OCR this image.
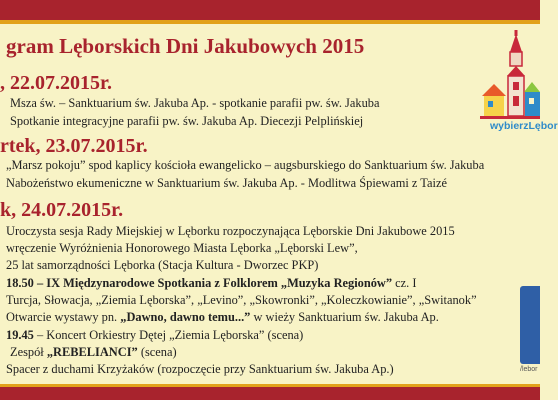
gram Lęborskich Dni Jakubowych 2015
, 22.07.2015r.
Msza św. – Sanktuarium św. Jakuba Ap. - spotkanie parafii pw. św. Jakuba
Spotkanie integracyjne parafii pw. św. Jakuba Ap. Diecezji Pelplińskiej
rtek, 23.07.2015r.
„Marsz pokoju” spod kaplicy kościoła ewangelicko – augsburskiego do Sanktuarium św. Jakuba
Nabożeństwo ekumeniczne w Sanktuarium św. Jakuba Ap. - Modlitwa Śpiewami z Taizé
k, 24.07.2015r.
Uroczysta sesja Rady Miejskiej w Lęborku rozpoczynająca Lęborskie Dni Jakubowe 2015
wręczenie Wyróżnienia Honorowego Miasta Lęborka „Lęborski Lew”,
25 lat samorządności Lęborka (Stacja Kultura - Dworzec PKP)
18.50 – IX Międzynarodowe Spotkania z Folklorem „Muzyka Regionów” cz. I
Turcja, Słowacja, „Ziemia Lęborska”, „Levino”, „Skowronki”, „Koleczkowianie”, „Switanok”
Otwarcie wystawy pn. „Dawno, dawno temu...” w wieży Sanktuarium św. Jakuba Ap.
19.45 – Koncert Orkiestry Dętej „Ziemia Lęborska” (scena)
Zespół „REBELIANCI” (scena)
Spacer z duchami Krzyżaków (rozpoczęcie przy Sanktuarium św. Jakuba Ap.)
wybierzLębor
/lebor
